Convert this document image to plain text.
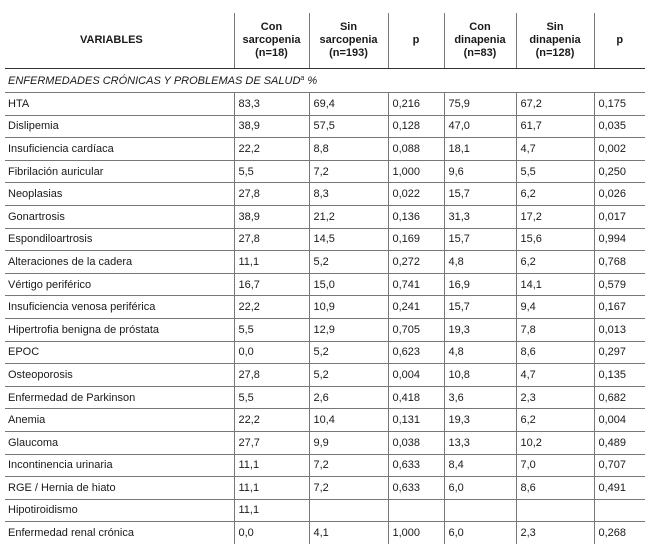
VARIABLES	Con
sarcopenia
(n=18)	Sin
sarcopenia
(n=193)	p	Con
dinapenia
(n=83)	Sin
dinapenia
(n=128)	p
ENFERMEDADES CRÓNICAS Y PROBLEMAS DE SALUD$^a$ %						
HTA	83,3	69,4	0,216	75,9	67,2	0,175
Dislipemia	38,9	57,5	0,128	47,0	61,7	0,035
Insuficiencia cardíaca	22,2	8,8	0,088	18,1	4,7	0,002
Fibrilación auricular	5,5	7,2	1,000	9,6	5,5	0,250
Neoplasias	27,8	8,3	0,022	15,7	6,2	0,026
Gonartrosis	38,9	21,2	0,136	31,3	17,2	0,017
Espondiloartrosis	27,8	14,5	0,169	15,7	15,6	0,994
Alteraciones de la cadera	11,1	5,2	0,272	4,8	6,2	0,768
Vértigo periférico	16,7	15,0	0,741	16,9	14,1	0,579
Insuficiencia venosa periférica	22,2	10,9	0,241	15,7	9,4	0,167
Hipertrofia benigna de próstata	5,5	12,9	0,705	19,3	7,8	0,013
EPOC	0,0	5,2	0,623	4,8	8,6	0,297
Osteoporosis	27,8	5,2	0,004	10,8	4,7	0,135
Enfermedad de Parkinson	5,5	2,6	0,418	3,6	2,3	0,682
Anemia	22,2	10,4	0,131	19,3	6,2	0,004
Glaucoma	27,7	9,9	0,038	13,3	10,2	0,489
Incontinencia urinaria	11,1	7,2	0,633	8,4	7,0	0,707
RGE / Hernia de hiato	11,1	7,2	0,633	6,0	8,6	0,491
Hipotiroidismo	11,1					
Enfermedad renal crónica	0,0	4,1	1,000	6,0	2,3	0,268
